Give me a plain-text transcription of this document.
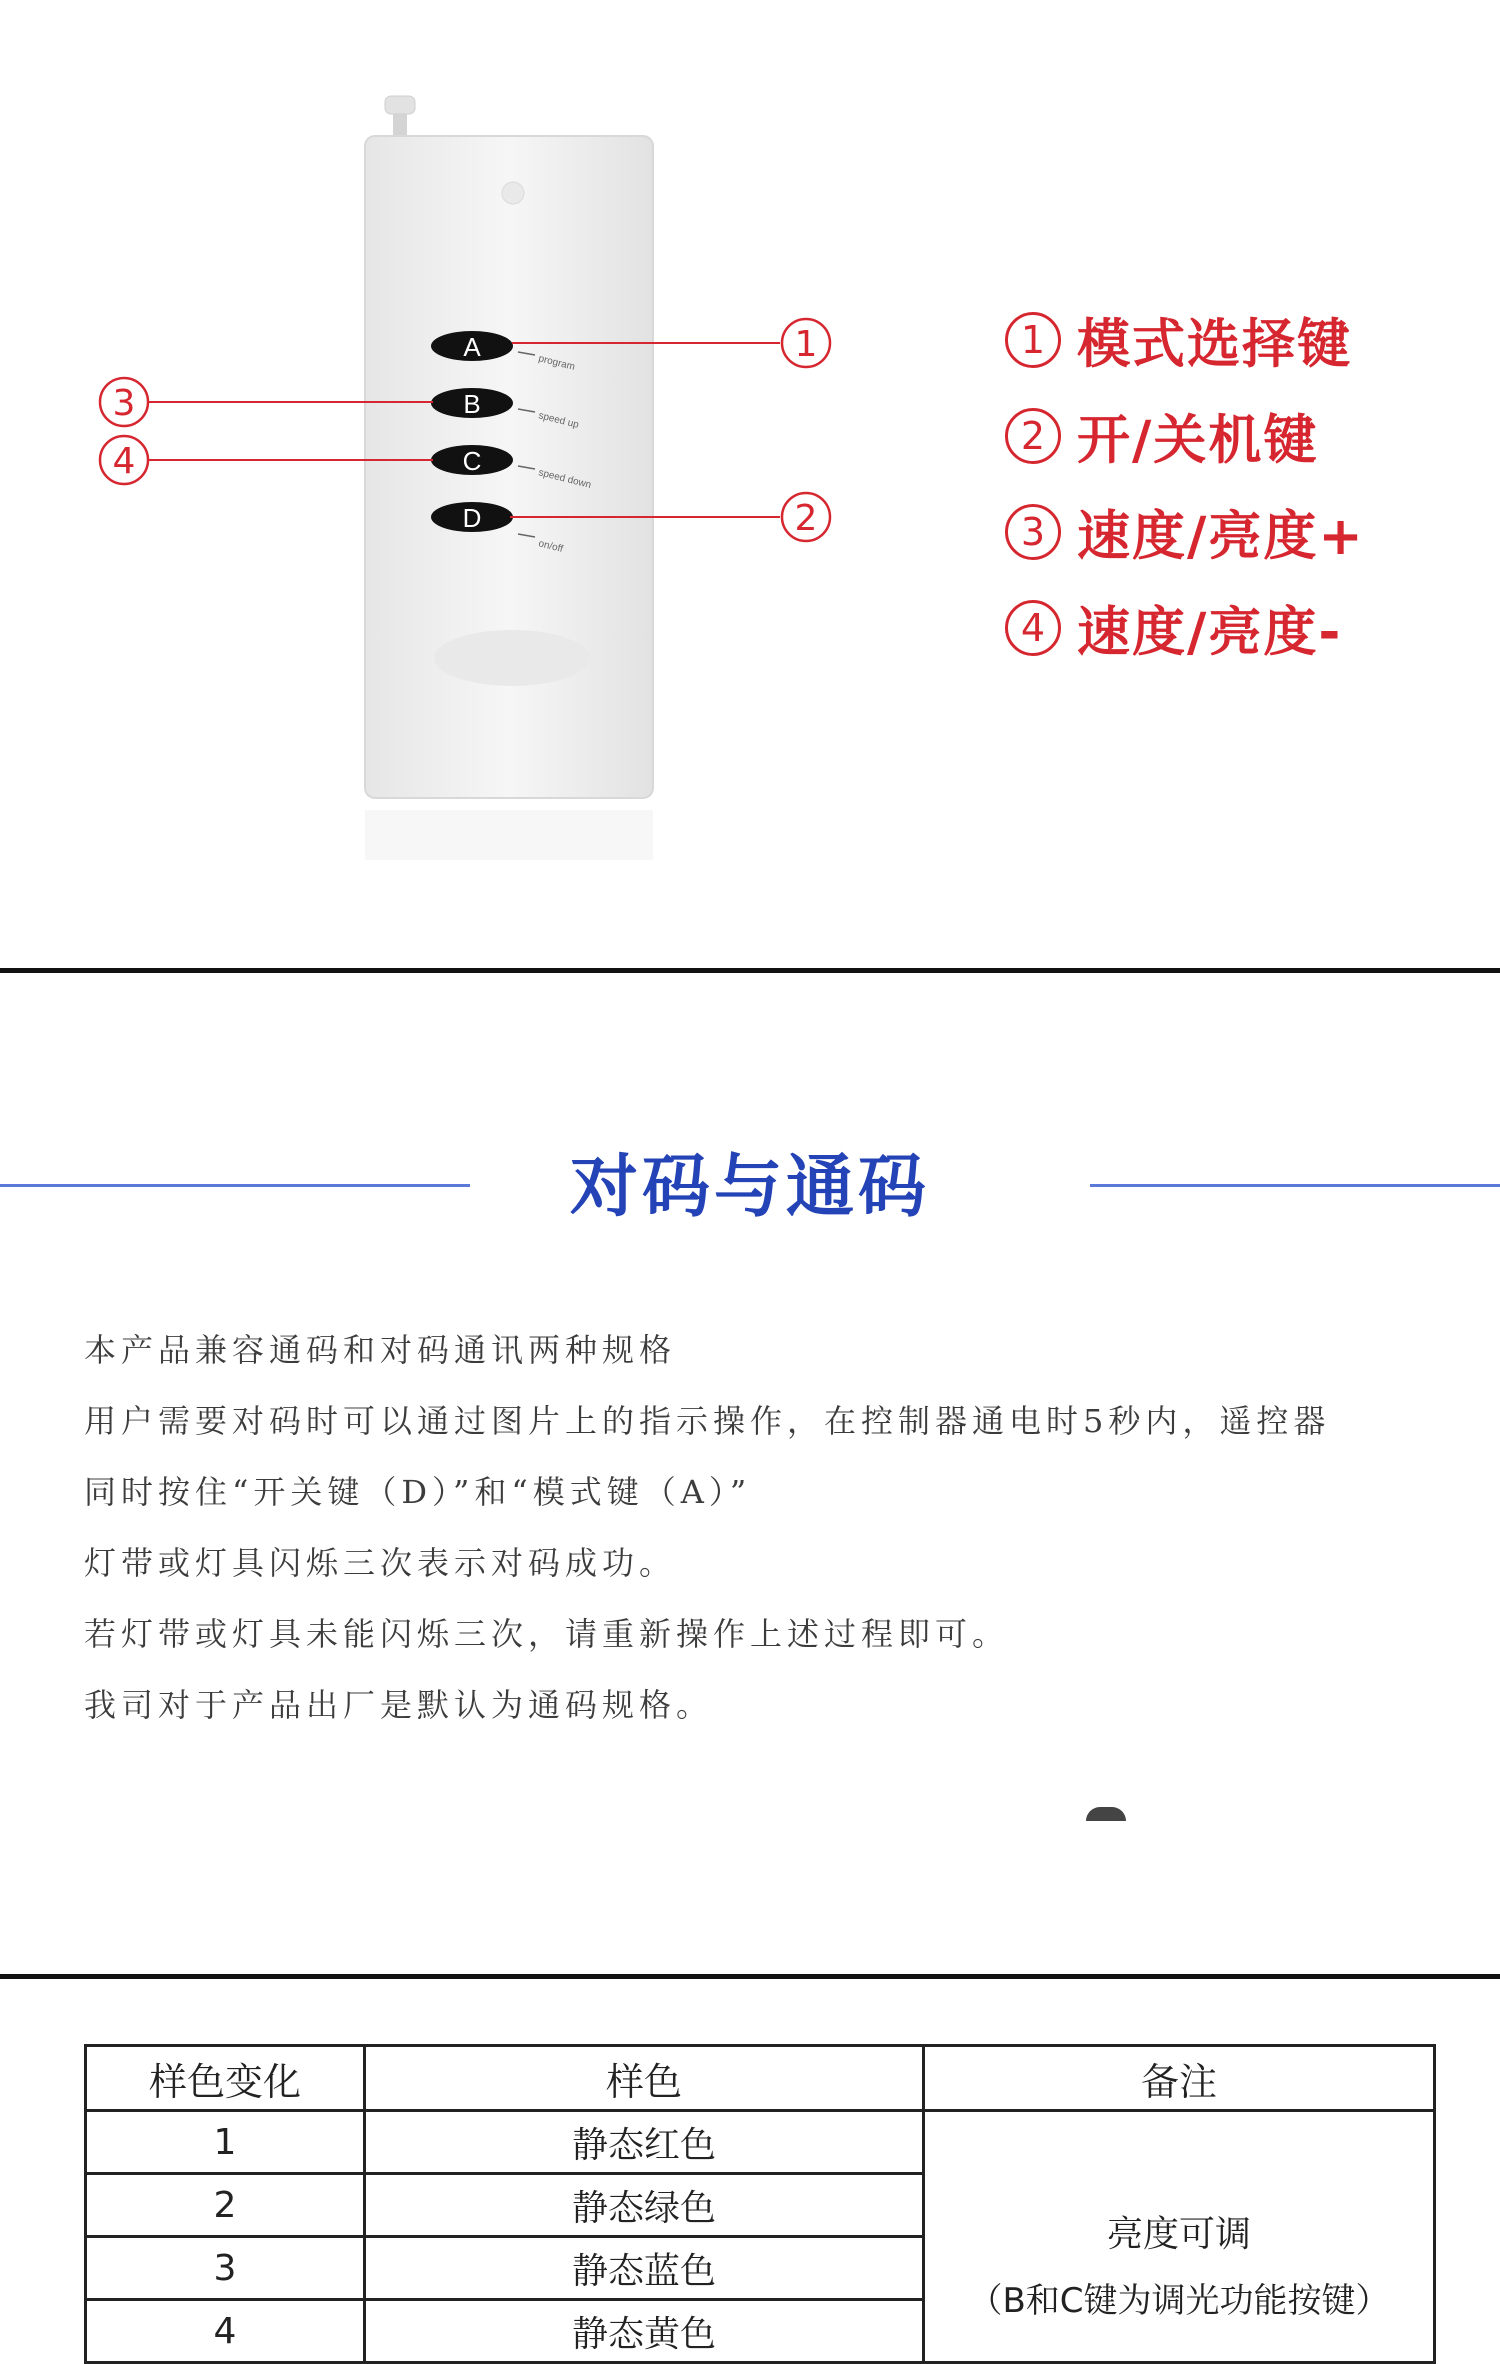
A
program
B
speed up
C
speed down
D
on/off
1
2
3
4
1 模式选择键
2 开/关机键
3 速度/亮度+
4 速度/亮度-
对码与通码
本产品兼容通码和对码通讯两种规格
用户需要对码时可以通过图片上的指示操作，在控制器通电时5秒内，遥控器
同时按住“开关键（D）”和“模式键（A）”
灯带或灯具闪烁三次表示对码成功。
若灯带或灯具未能闪烁三次，请重新操作上述过程即可。
我司对于产品出厂是默认为通码规格。
样色变化	样色	备注
1	静态红色	亮度可调
（B和C键为调光功能按键）

2	静态绿色	
3	静态蓝色	
4	静态黄色	
